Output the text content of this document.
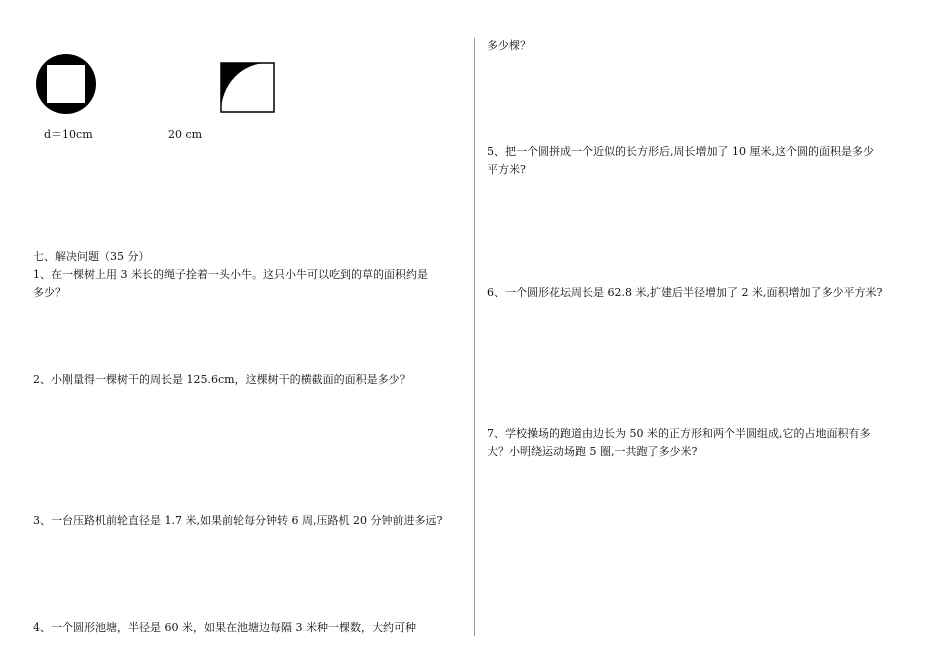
d＝10cm	20 cm
七、解决问题（35 分）
1、在一棵树上用 3 米长的绳子拴着一头小牛。这只小牛可以吃到的草的面积约是
多少？
2、小刚量得一棵树干的周长是 125.6cm，这棵树干的横截面的面积是多少？
3、一台压路机前轮直径是 1.7 米,如果前轮每分钟转 6 周,压路机 20 分钟前进多远?
4、一个圆形池塘，半径是 60 米，如果在池塘边每隔 3 米种一棵数，大约可种
多少棵？
5、把一个圆拼成一个近似的长方形后,周长增加了 10 厘米,这个圆的面积是多少
平方米?
6、一个圆形花坛周长是 62.8 米,扩建后半径增加了 2 米,面积增加了多少平方米?
7、学校操场的跑道由边长为 50 米的正方形和两个半圆组成,它的占地面积有多
大？小明绕运动场跑 5 圈,一共跑了多少米?
